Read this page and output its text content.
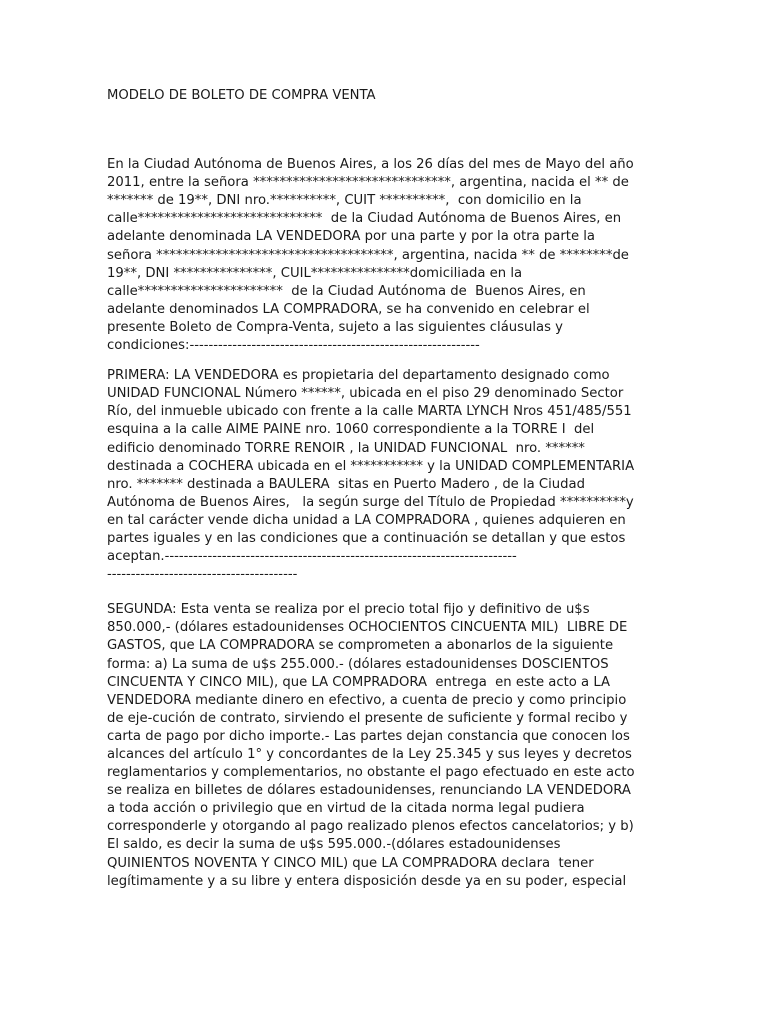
MODELO DE BOLETO DE COMPRA VENTA
En la Ciudad Autónoma de Buenos Aires, a los 26 días del mes de Mayo del año
2011, entre la señora ******************************, argentina, nacida el ** de
******* de 19**, DNI nro.**********, CUIT **********,  con domicilio en la
calle****************************  de la Ciudad Autónoma de Buenos Aires, en
adelante denominada LA VENDEDORA por una parte y por la otra parte la
señora ************************************, argentina, nacida ** de ********de
19**, DNI ***************, CUIL***************domiciliada en la
calle**********************  de la Ciudad Autónoma de  Buenos Aires, en
adelante denominados LA COMPRADORA, se ha convenido en celebrar el
presente Boleto de Compra-Venta, sujeto a las siguientes cláusulas y
condiciones:-------------------------------------------------------------
PRIMERA: LA VENDEDORA es propietaria del departamento designado como
UNIDAD FUNCIONAL Número ******, ubicada en el piso 29 denominado Sector
Río, del inmueble ubicado con frente a la calle MARTA LYNCH Nros 451/485/551
esquina a la calle AIME PAINE nro. 1060 correspondiente a la TORRE I  del
edificio denominado TORRE RENOIR , la UNIDAD FUNCIONAL  nro. ******
destinada a COCHERA ubicada en el *********** y la UNIDAD COMPLEMENTARIA
nro. ******* destinada a BAULERA  sitas en Puerto Madero , de la Ciudad
Autónoma de Buenos Aires,   la según surge del Título de Propiedad **********y
en tal carácter vende dicha unidad a LA COMPRADORA , quienes adquieren en
partes iguales y en las condiciones que a continuación se detallan y que estos
aceptan.--------------------------------------------------------------------------
----------------------------------------
SEGUNDA: Esta venta se realiza por el precio total fijo y definitivo de u$s
850.000,- (dólares estadounidenses OCHOCIENTOS CINCUENTA MIL)  LIBRE DE
GASTOS, que LA COMPRADORA se comprometen a abonarlos de la siguiente
forma: a) La suma de u$s 255.000.- (dólares estadounidenses DOSCIENTOS
CINCUENTA Y CINCO MIL), que LA COMPRADORA  entrega  en este acto a LA
VENDEDORA mediante dinero en efectivo, a cuenta de precio y como principio
de eje-cución de contrato, sirviendo el presente de suficiente y formal recibo y
carta de pago por dicho importe.- Las partes dejan constancia que conocen los
alcances del artículo 1° y concordantes de la Ley 25.345 y sus leyes y decretos
reglamentarios y complementarios, no obstante el pago efectuado en este acto
se realiza en billetes de dólares estadounidenses, renunciando LA VENDEDORA
a toda acción o privilegio que en virtud de la citada norma legal pudiera
corresponderle y otorgando al pago realizado plenos efectos cancelatorios; y b)
El saldo, es decir la suma de u$s 595.000.-(dólares estadounidenses
QUINIENTOS NOVENTA Y CINCO MIL) que LA COMPRADORA declara  tener
legítimamente y a su libre y entera disposición desde ya en su poder, especial
